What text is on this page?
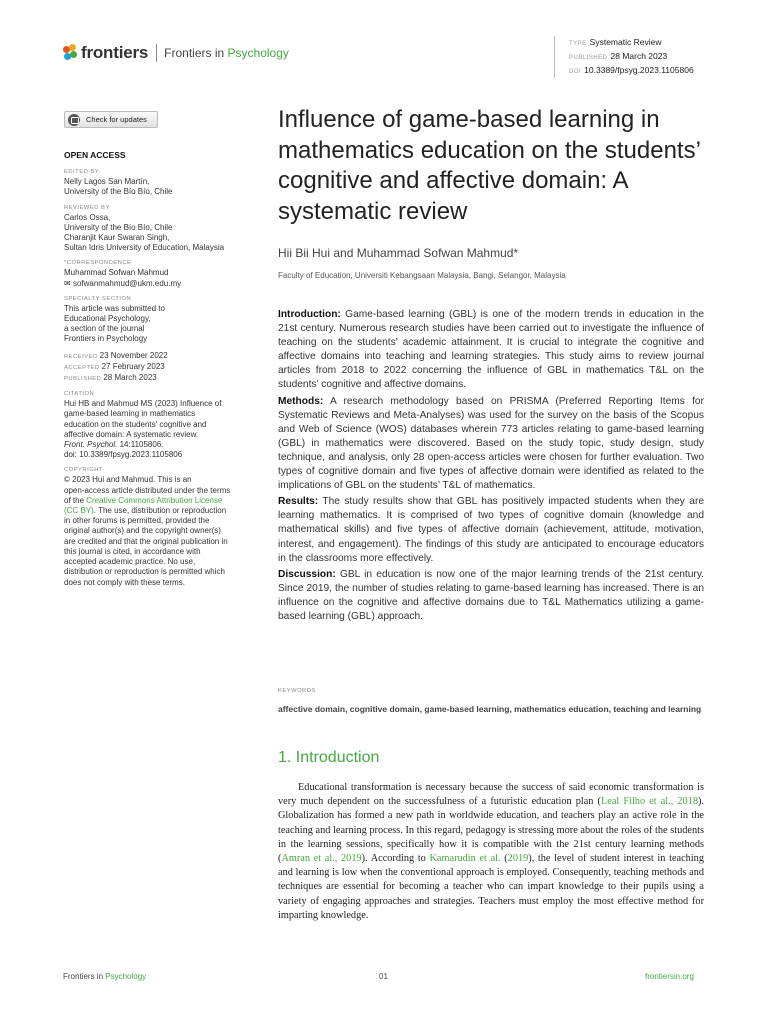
frontiers Frontiers in Psychology
TYPE Systematic Review
PUBLISHED 28 March 2023
DOI 10.3389/fpsyg.2023.1105806
Check for updates
OPEN ACCESS
EDITED BY
Nelly Lagos San Martín,
University of the Bío Bío, Chile
REVIEWED BY
Carlos Ossa,
University of the Bío Bío, Chile
Charanjit Kaur Swaran Singh,
Sultan Idris University of Education, Malaysia
*CORRESPONDENCE
Muhammad Sofwan Mahmud
✉ sofwanmahmud@ukm.edu.my
SPECIALTY SECTION
This article was submitted to
Educational Psychology,
a section of the journal
Frontiers in Psychology
RECEIVED 23 November 2022
ACCEPTED 27 February 2023
PUBLISHED 28 March 2023
CITATION
Hui HB and Mahmud MS (2023) Influence of
game-based learning in mathematics
education on the students’ cognitive and
affective domain: A systematic review.
Front. Psychol. 14:1105806.
doi: 10.3389/fpsyg.2023.1105806
COPYRIGHT
© 2023 Hui and Mahmud. This is an
open-access article distributed under the terms
of the Creative Commons Attribution License
(CC BY). The use, distribution or reproduction
in other forums is permitted, provided the
original author(s) and the copyright owner(s)
are credited and that the original publication in
this journal is cited, in accordance with
accepted academic practice. No use,
distribution or reproduction is permitted which
does not comply with these terms.
Influence of game-based learning in mathematics education on the students’ cognitive and affective domain: A systematic review
Hii Bii Hui and Muhammad Sofwan Mahmud*
Faculty of Education, Universiti Kebangsaan Malaysia, Bangi, Selangor, Malaysia

Introduction: Game-based learning (GBL) is one of the modern trends in education in the 21st century. Numerous research studies have been carried out to investigate the influence of teaching on the students’ academic attainment. It is crucial to integrate the cognitive and affective domains into teaching and learning strategies. This study aims to review journal articles from 2018 to 2022 concerning the influence of GBL in mathematics T&L on the students’ cognitive and affective domains.

Methods: A research methodology based on PRISMA (Preferred Reporting Items for Systematic Reviews and Meta-Analyses) was used for the survey on the basis of the Scopus and Web of Science (WOS) databases wherein 773 articles relating to game-based learning (GBL) in mathematics were discovered. Based on the study topic, study design, study technique, and analysis, only 28 open-access articles were chosen for further evaluation. Two types of cognitive domain and five types of affective domain were identified as related to the implications of GBL on the students’ T&L of mathematics.

Results: The study results show that GBL has positively impacted students when they are learning mathematics. It is comprised of two types of cognitive domain (knowledge and mathematical skills) and five types of affective domain (achievement, attitude, motivation, interest, and engagement). The findings of this study are anticipated to encourage educators in the classrooms more effectively.

Discussion: GBL in education is now one of the major learning trends of the 21st century. Since 2019, the number of studies relating to game-based learning has increased. There is an influence on the cognitive and affective domains due to T&L Mathematics utilizing a game-based learning (GBL) approach.

KEYWORDS
affective domain, cognitive domain, game-based learning, mathematics education, teaching and learning
1. Introduction
Educational transformation is necessary because the success of said economic transformation is very much dependent on the successfulness of a futuristic education plan (Leal Filho et al., 2018). Globalization has formed a new path in worldwide education, and teachers play an active role in the teaching and learning process. In this regard, pedagogy is stressing more about the roles of the students in the learning sessions, specifically how it is compatible with the 21st century learning methods (Amran et al., 2019). According to Kamarudin et al. (2019), the level of student interest in teaching and learning is low when the conventional approach is employed. Consequently, teaching methods and techniques are essential for becoming a teacher who can impart knowledge to their pupils using a variety of engaging approaches and strategies. Teachers must employ the most effective method for imparting knowledge.
Frontiers in Psychology	01	frontiersin.org
